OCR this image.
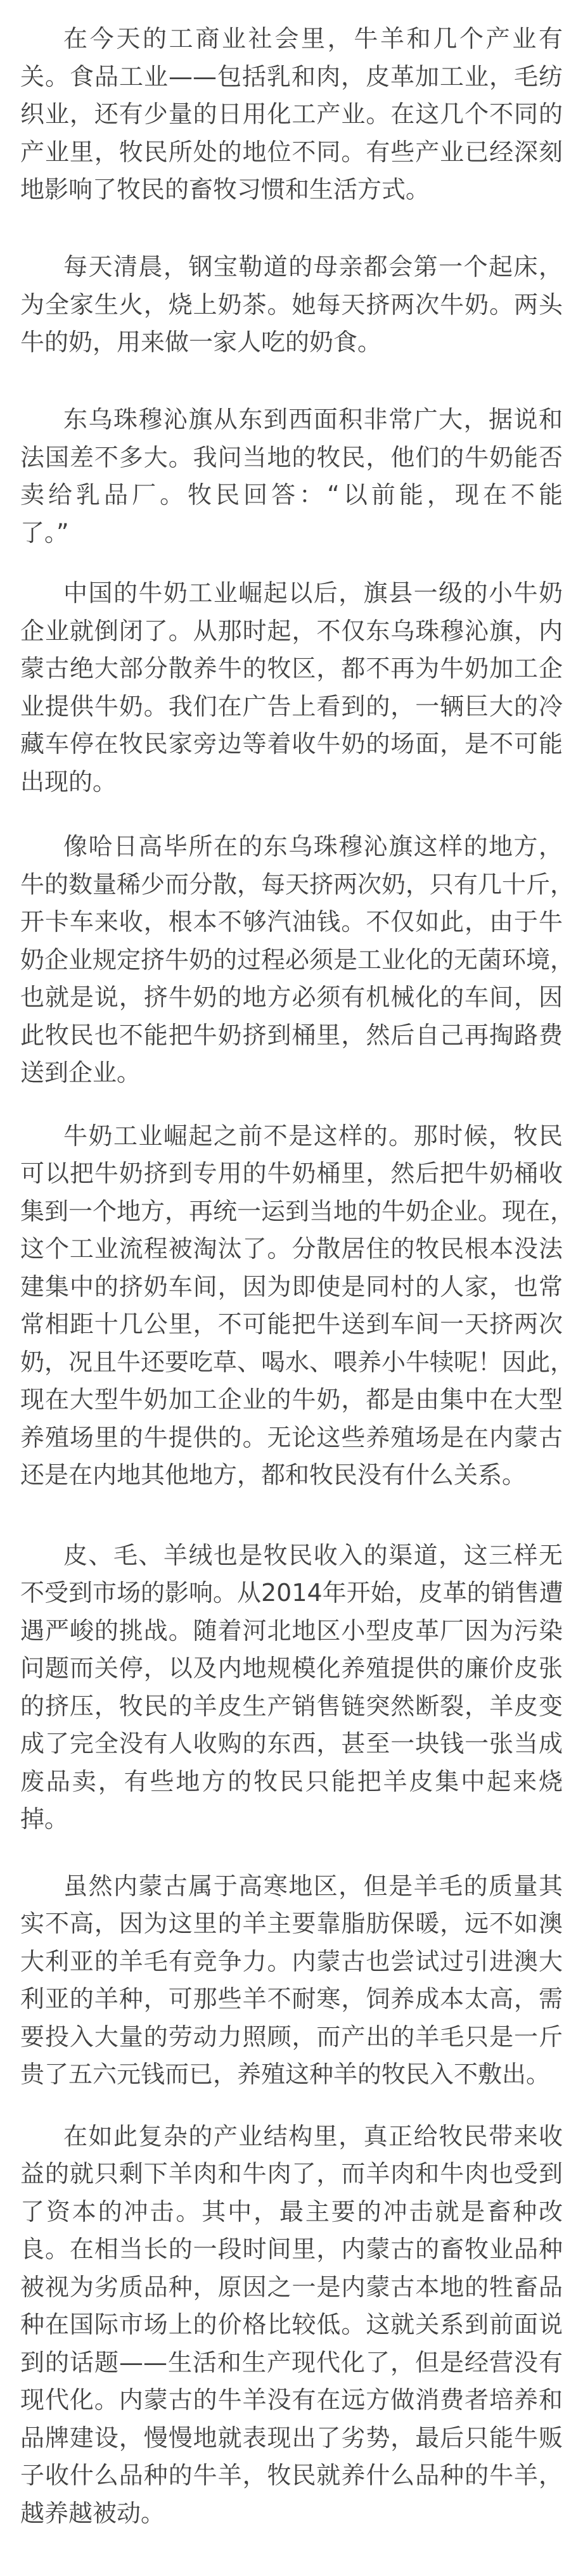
在今天的工商业社会里，牛羊和几个产业有
关。食品工业——包括乳和肉，皮革加工业，毛纺
织业，还有少量的日用化工产业。在这几个不同的
产业里，牧民所处的地位不同。有些产业已经深刻
地影响了牧民的畜牧习惯和生活方式。
每天清晨，钢宝勒道的母亲都会第一个起床，
为全家生火，烧上奶茶。她每天挤两次牛奶。两头
牛的奶，用来做一家人吃的奶食。
东乌珠穆沁旗从东到西面积非常广大，据说和
法国差不多大。我问当地的牧民，他们的牛奶能否
卖给乳品厂。牧民回答：“以前能，现在不能
了。”
中国的牛奶工业崛起以后，旗县一级的小牛奶
企业就倒闭了。从那时起，不仅东乌珠穆沁旗，内
蒙古绝大部分散养牛的牧区，都不再为牛奶加工企
业提供牛奶。我们在广告上看到的，一辆巨大的冷
藏车停在牧民家旁边等着收牛奶的场面，是不可能
出现的。
像哈日高毕所在的东乌珠穆沁旗这样的地方，
牛的数量稀少而分散，每天挤两次奶，只有几十斤，
开卡车来收，根本不够汽油钱。不仅如此，由于牛
奶企业规定挤牛奶的过程必须是工业化的无菌环境，
也就是说，挤牛奶的地方必须有机械化的车间，因
此牧民也不能把牛奶挤到桶里，然后自己再掏路费
送到企业。
牛奶工业崛起之前不是这样的。那时候，牧民
可以把牛奶挤到专用的牛奶桶里，然后把牛奶桶收
集到一个地方，再统一运到当地的牛奶企业。现在，
这个工业流程被淘汰了。分散居住的牧民根本没法
建集中的挤奶车间，因为即使是同村的人家，也常
常相距十几公里，不可能把牛送到车间一天挤两次
奶，况且牛还要吃草、喝水、喂养小牛犊呢！因此，
现在大型牛奶加工企业的牛奶，都是由集中在大型
养殖场里的牛提供的。无论这些养殖场是在内蒙古
还是在内地其他地方，都和牧民没有什么关系。
皮、毛、羊绒也是牧民收入的渠道，这三样无
不受到市场的影响。从2014年开始，皮革的销售遭
遇严峻的挑战。随着河北地区小型皮革厂因为污染
问题而关停，以及内地规模化养殖提供的廉价皮张
的挤压，牧民的羊皮生产销售链突然断裂，羊皮变
成了完全没有人收购的东西，甚至一块钱一张当成
废品卖，有些地方的牧民只能把羊皮集中起来烧
掉。
虽然内蒙古属于高寒地区，但是羊毛的质量其
实不高，因为这里的羊主要靠脂肪保暖，远不如澳
大利亚的羊毛有竞争力。内蒙古也尝试过引进澳大
利亚的羊种，可那些羊不耐寒，饲养成本太高，需
要投入大量的劳动力照顾，而产出的羊毛只是一斤
贵了五六元钱而已，养殖这种羊的牧民入不敷出。
在如此复杂的产业结构里，真正给牧民带来收
益的就只剩下羊肉和牛肉了，而羊肉和牛肉也受到
了资本的冲击。其中，最主要的冲击就是畜种改
良。在相当长的一段时间里，内蒙古的畜牧业品种
被视为劣质品种，原因之一是内蒙古本地的牲畜品
种在国际市场上的价格比较低。这就关系到前面说
到的话题——生活和生产现代化了，但是经营没有
现代化。内蒙古的牛羊没有在远方做消费者培养和
品牌建设，慢慢地就表现出了劣势，最后只能牛贩
子收什么品种的牛羊，牧民就养什么品种的牛羊，
越养越被动。
